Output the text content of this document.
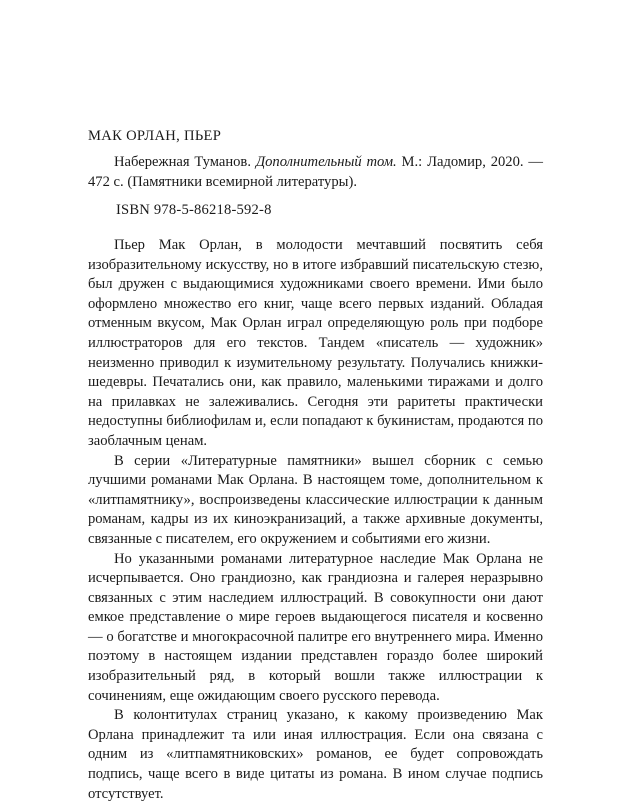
МАК ОРЛАН, ПЬЕР

Набережная Туманов. Дополнительный том. М.: Ладомир, 2020. — 472 с. (Памятники всемирной литературы).

ISBN 978-5-86218-592-8

Пьер Мак Орлан, в молодости мечтавший посвятить себя изобразительному искусству, но в итоге избравший писательскую стезю, был дружен с выдающимися художниками своего времени. Ими было оформлено множество его книг, чаще всего первых изданий. Обладая отменным вкусом, Мак Орлан играл определяющую роль при подборе иллюстраторов для его текстов. Тандем «писатель — художник» неизменно приводил к изумительному результату. Получались книжки-шедевры. Печатались они, как правило, маленькими тиражами и долго на прилавках не залеживались. Сегодня эти раритеты практически недоступны библиофилам и, если попадают к букинистам, продаются по заоблачным ценам.

В серии «Литературные памятники» вышел сборник с семью лучшими романами Мак Орлана. В настоящем томе, дополнительном к «литпамятнику», воспроизведены классические иллюстрации к данным романам, кадры из их киноэкранизаций, а также архивные документы, связанные с писателем, его окружением и событиями его жизни.

Но указанными романами литературное наследие Мак Орлана не исчерпывается. Оно грандиозно, как грандиозна и галерея неразрывно связанных с этим наследием иллюстраций. В совокупности они дают емкое представление о мире героев выдающегося писателя и косвенно — о богатстве и многокрасочной палитре его внутреннего мира. Именно поэтому в настоящем издании представлен гораздо более широкий изобразительный ряд, в который вошли также иллюстрации к сочинениям, еще ожидающим своего русского перевода.

В колонтитулах страниц указано, к какому произведению Мак Орлана принадлежит та или иная иллюстрация. Если она связана с одним из «литпамятниковских» романов, ее будет сопровождать подпись, чаще всего в виде цитаты из романа. В ином случае подпись отсутствует.
